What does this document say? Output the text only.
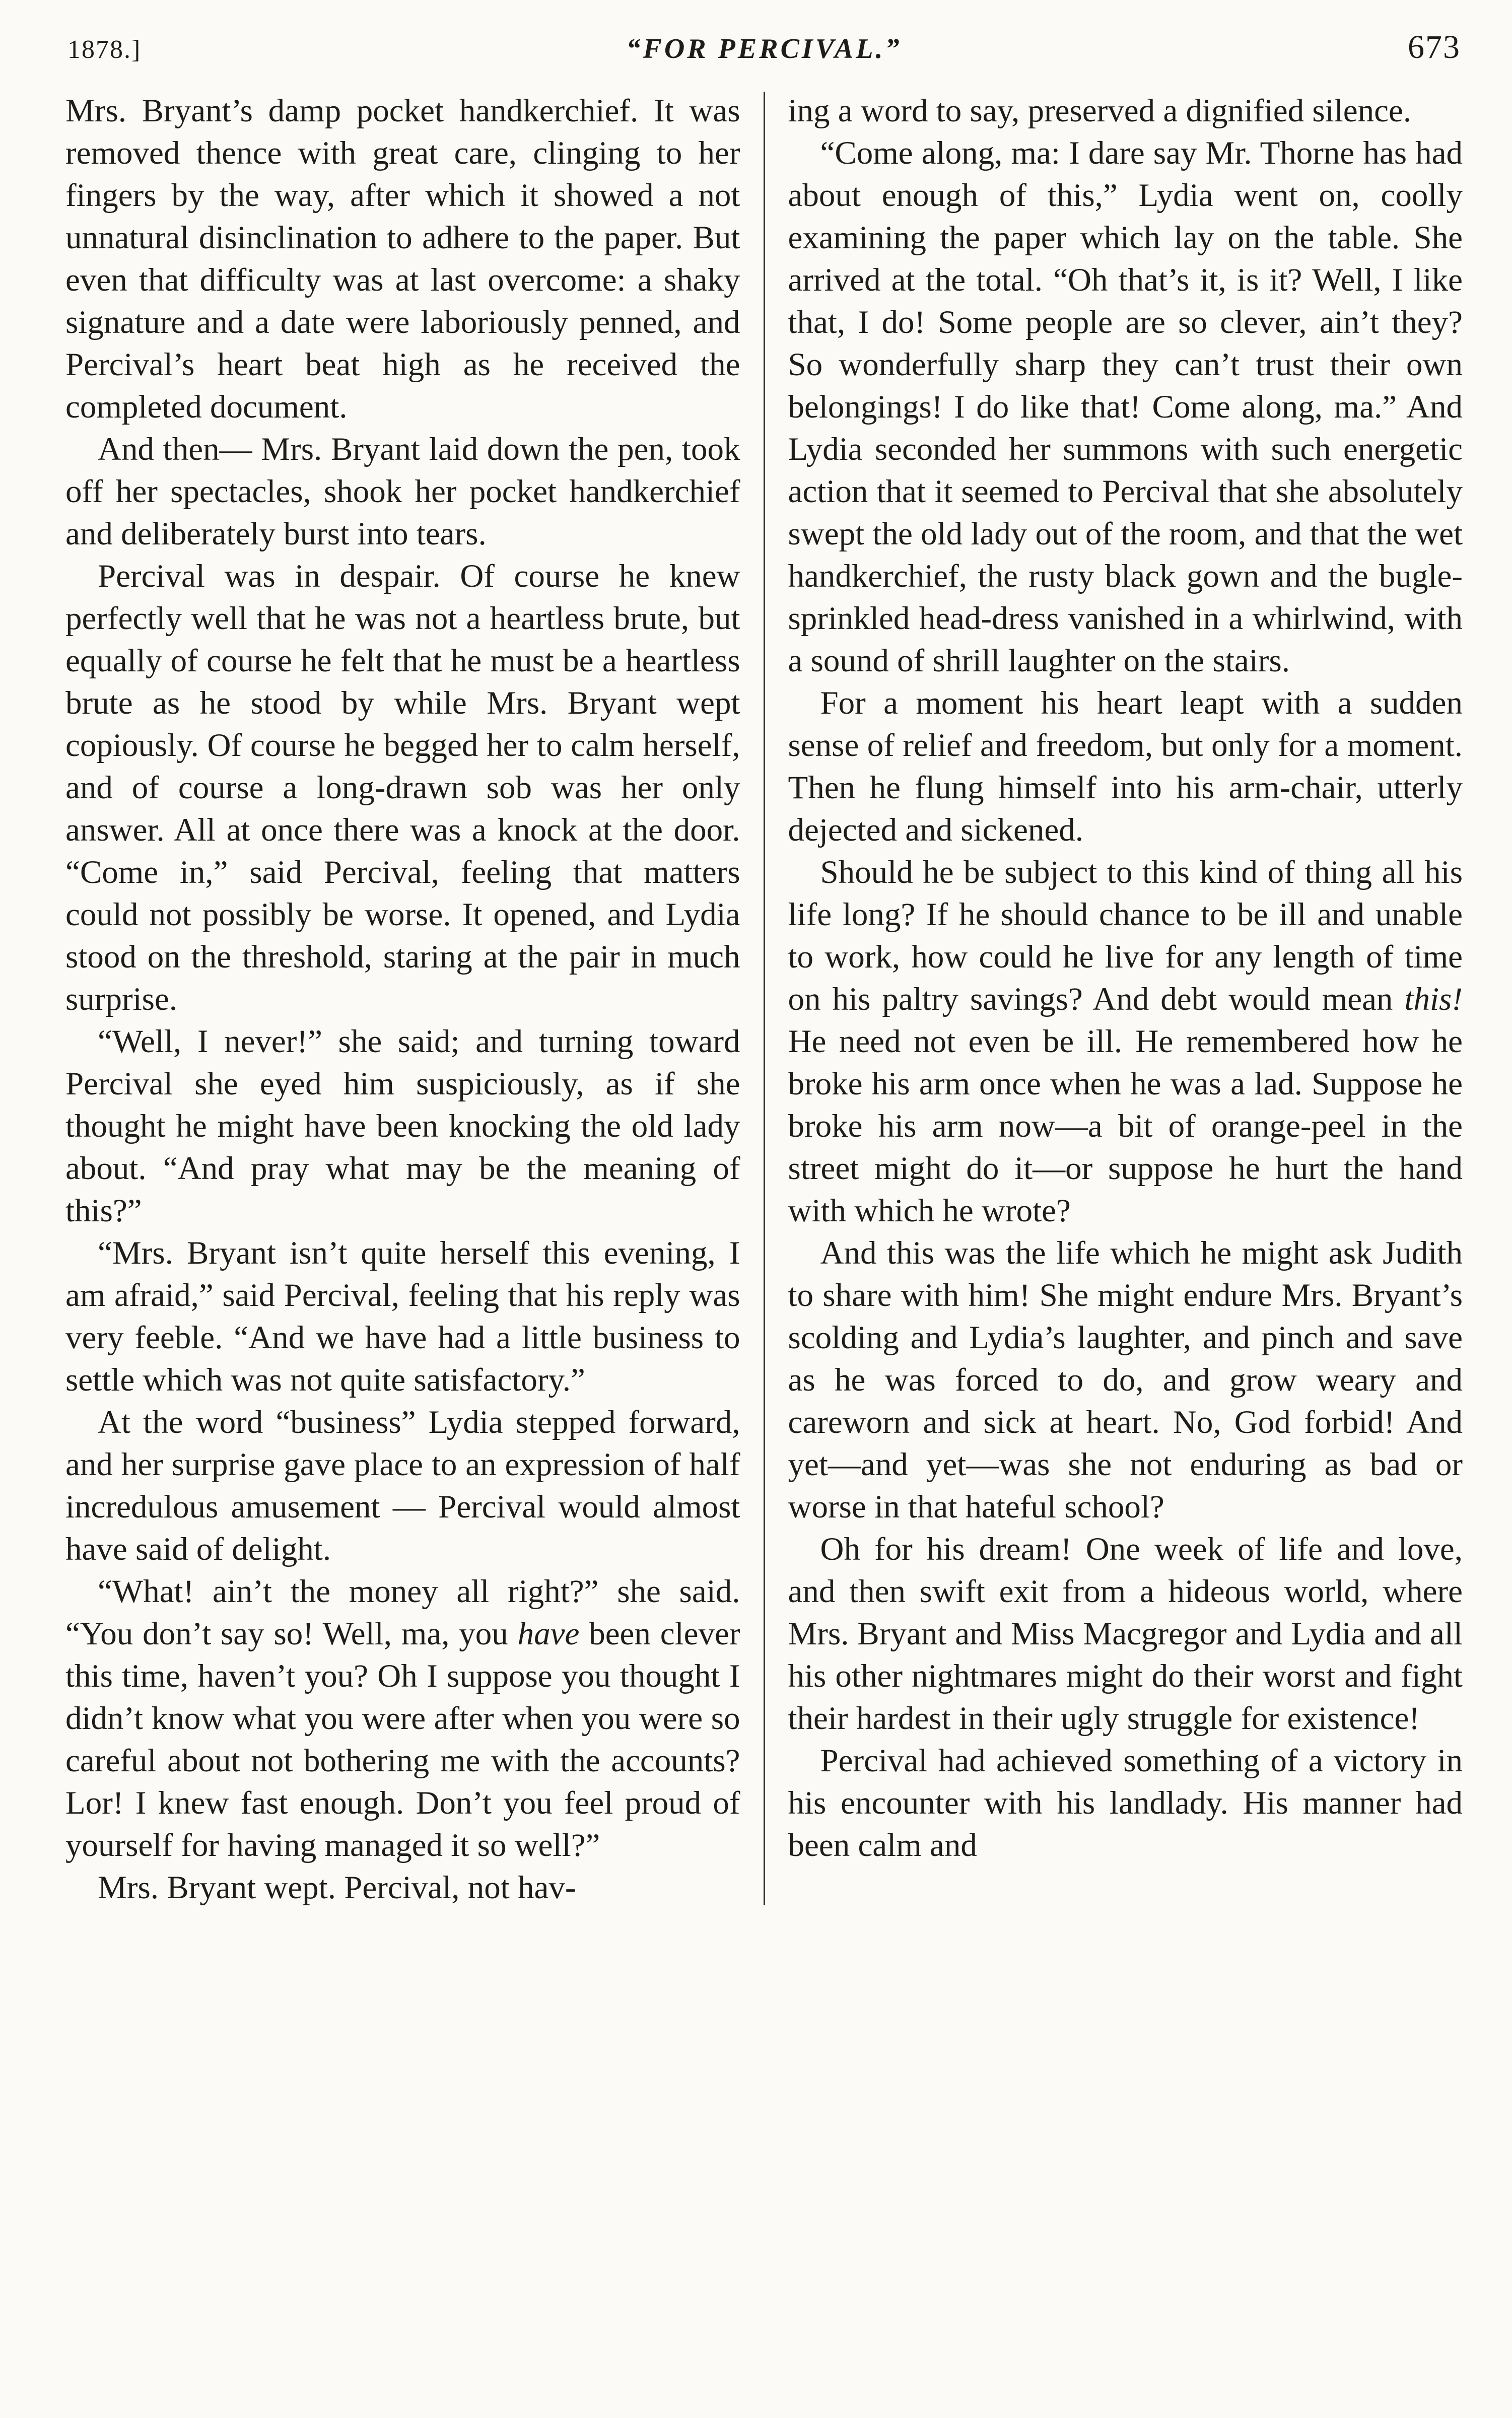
1878.]	“FOR PERCIVAL.”	673

Mrs. Bryant’s damp pocket handkerchief. It was removed thence with great care, clinging to her fingers by the way, after which it showed a not unnatural disinclination to adhere to the paper. But even that difficulty was at last overcome: a shaky signature and a date were laboriously penned, and Percival’s heart beat high as he received the completed document.

And then— Mrs. Bryant laid down the pen, took off her spectacles, shook her pocket handkerchief and deliberately burst into tears.

Percival was in despair. Of course he knew perfectly well that he was not a heartless brute, but equally of course he felt that he must be a heartless brute as he stood by while Mrs. Bryant wept copiously. Of course he begged her to calm herself, and of course a long-drawn sob was her only answer. All at once there was a knock at the door. “Come in,” said Percival, feeling that matters could not possibly be worse. It opened, and Lydia stood on the threshold, staring at the pair in much surprise.

“Well, I never!” she said; and turning toward Percival she eyed him suspiciously, as if she thought he might have been knocking the old lady about. “And pray what may be the meaning of this?”

“Mrs. Bryant isn’t quite herself this evening, I am afraid,” said Percival, feeling that his reply was very feeble. “And we have had a little business to settle which was not quite satisfactory.”

At the word “business” Lydia stepped forward, and her surprise gave place to an expression of half incredulous amusement — Percival would almost have said of delight.

“What! ain’t the money all right?” she said. “You don’t say so! Well, ma, you have been clever this time, haven’t you? Oh I suppose you thought I didn’t know what you were after when you were so careful about not bothering me with the accounts? Lor! I knew fast enough. Don’t you feel proud of yourself for having managed it so well?”

Mrs. Bryant wept. Percival, not hav-

ing a word to say, preserved a dignified silence.

“Come along, ma: I dare say Mr. Thorne has had about enough of this,” Lydia went on, coolly examining the paper which lay on the table. She arrived at the total. “Oh that’s it, is it? Well, I like that, I do! Some people are so clever, ain’t they? So wonderfully sharp they can’t trust their own belongings! I do like that! Come along, ma.” And Lydia seconded her summons with such energetic action that it seemed to Percival that she absolutely swept the old lady out of the room, and that the wet handkerchief, the rusty black gown and the bugle-sprinkled head-dress vanished in a whirlwind, with a sound of shrill laughter on the stairs.

For a moment his heart leapt with a sudden sense of relief and freedom, but only for a moment. Then he flung himself into his arm-chair, utterly dejected and sickened.

Should he be subject to this kind of thing all his life long? If he should chance to be ill and unable to work, how could he live for any length of time on his paltry savings? And debt would mean this! He need not even be ill. He remembered how he broke his arm once when he was a lad. Suppose he broke his arm now—a bit of orange-peel in the street might do it—or suppose he hurt the hand with which he wrote?

And this was the life which he might ask Judith to share with him! She might endure Mrs. Bryant’s scolding and Lydia’s laughter, and pinch and save as he was forced to do, and grow weary and careworn and sick at heart. No, God forbid! And yet—and yet—was she not enduring as bad or worse in that hateful school?

Oh for his dream! One week of life and love, and then swift exit from a hideous world, where Mrs. Bryant and Miss Macgregor and Lydia and all his other nightmares might do their worst and fight their hardest in their ugly struggle for existence!

Percival had achieved something of a victory in his encounter with his landlady. His manner had been calm and
